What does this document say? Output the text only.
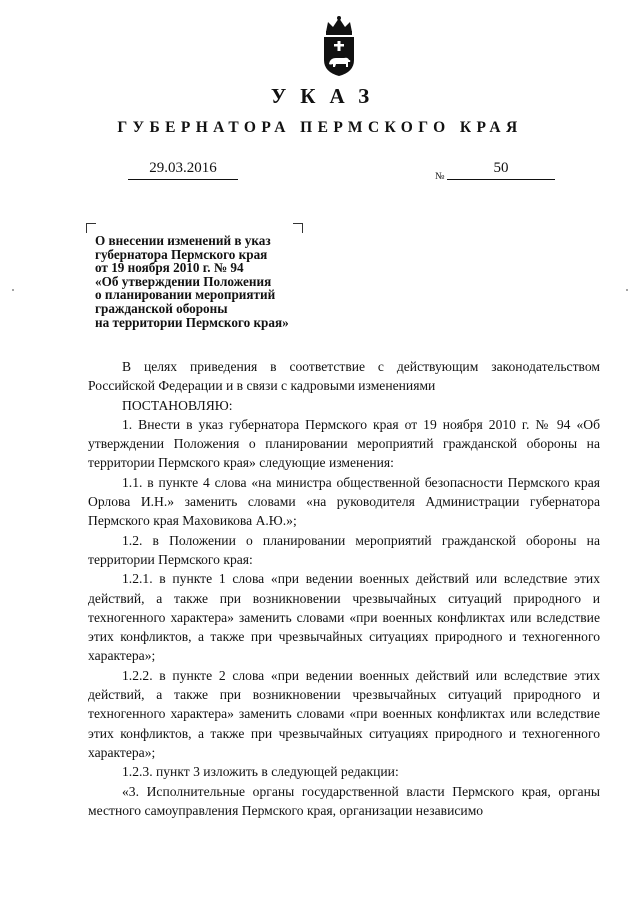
УКАЗ
ГУБЕРНАТОРА ПЕРМСКОГО КРАЯ
29.03.2016
№
50
О внесении изменений в указ
губернатора Пермского края
от 19 ноября 2010 г. № 94
«Об утверждении Положения
о планировании мероприятий
гражданской обороны
на территории Пермского края»

В целях приведения в соответствие с действующим законодательством Российской Федерации и в связи с кадровыми изменениями

ПОСТАНОВЛЯЮ:

1. Внести в указ губернатора Пермского края от 19 ноября 2010 г. № 94 «Об утверждении Положения о планировании мероприятий гражданской обороны на территории Пермского края» следующие изменения:

1.1. в пункте 4 слова «на министра общественной безопасности Пермского края Орлова И.Н.» заменить словами «на руководителя Администрации губернатора Пермского края Маховикова А.Ю.»;

1.2. в Положении о планировании мероприятий гражданской обороны на территории Пермского края:

1.2.1. в пункте 1 слова «при ведении военных действий или вследствие этих действий, а также при возникновении чрезвычайных ситуаций природного и техногенного характера» заменить словами «при военных конфликтах или вследствие этих конфликтов, а также при чрезвычайных ситуациях природного и техногенного характера»;

1.2.2. в пункте 2 слова «при ведении военных действий или вследствие этих действий, а также при возникновении чрезвычайных ситуаций природного и техногенного характера» заменить словами «при военных конфликтах или вследствие этих конфликтов, а также при чрезвычайных ситуациях природного и техногенного характера»;

1.2.3. пункт 3 изложить в следующей редакции:

«3. Исполнительные органы государственной власти Пермского края, органы местного самоуправления Пермского края, организации независимо
